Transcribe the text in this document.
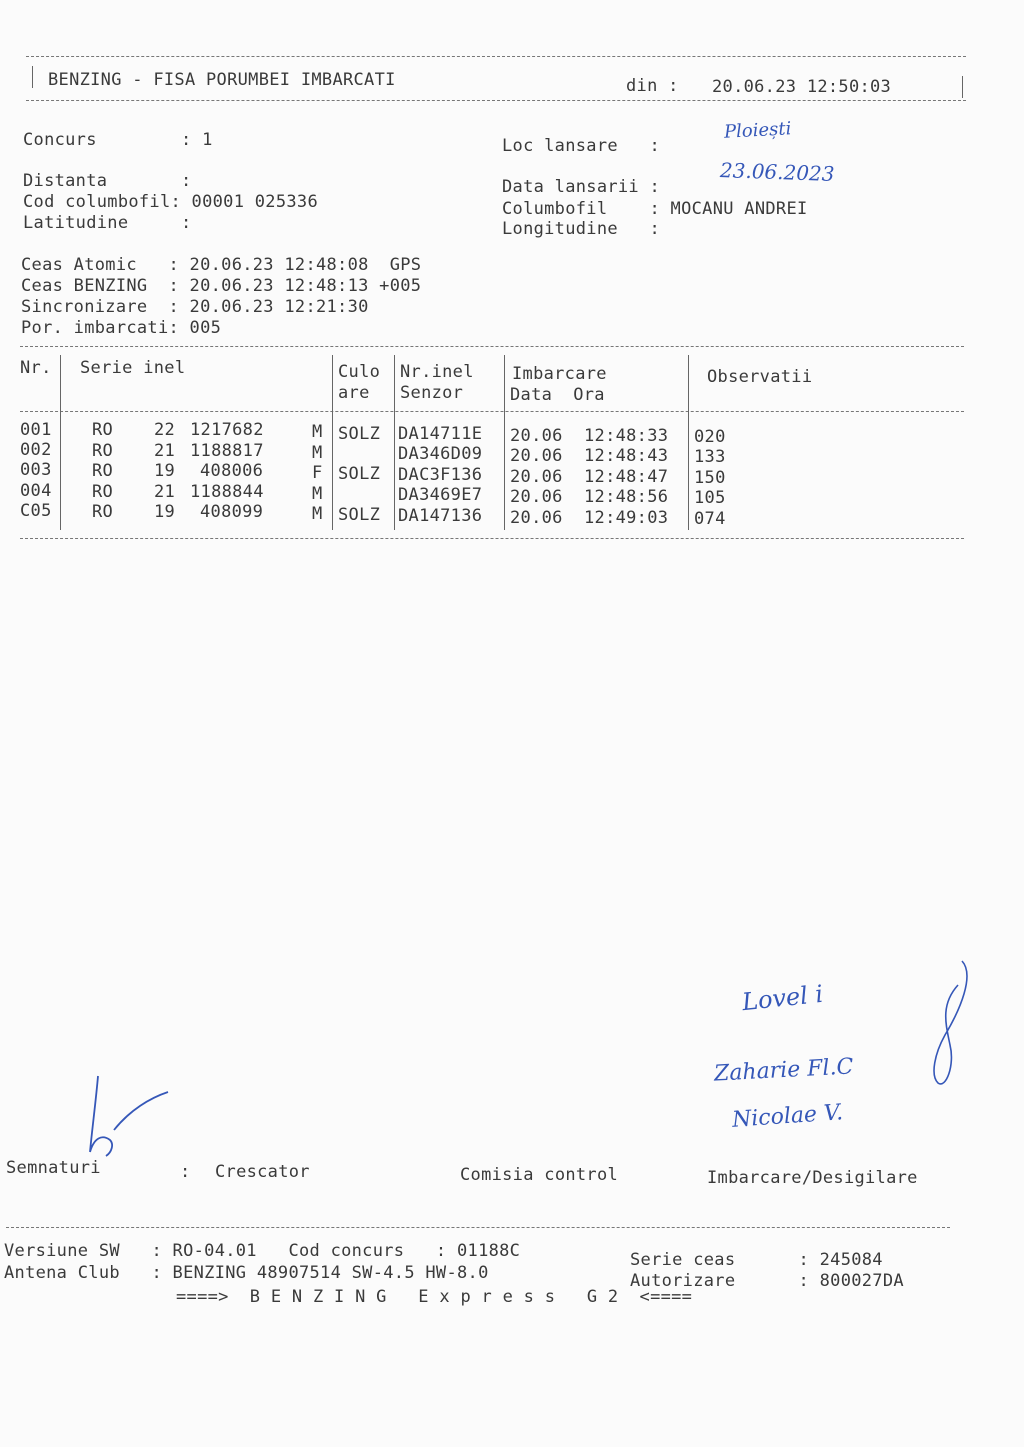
BENZING - FISA PORUMBEI IMBARCATI	din : 20.06.23 12:50:03
Concurs        : 1
Distanta       :
Cod columbofil: 00001 025336
Latitudine     :
Loc lansare   :
Data lansarii :
Columbofil    : MOCANU ANDREI
Longitudine   :
Ploiești
23.06.2023
Ceas Atomic   : 20.06.23 12:48:08  GPS
Ceas BENZING  : 20.06.23 12:48:13 +005
Sincronizare  : 20.06.23 12:21:30
Por. imbarcati: 005
Nr. Serie inel	Culo
are
Nr.inel
Senzor
Imbarcare
Data  Ora
Observatii
001 RO 22 1217682	M SOLZ DA14711E 20.06 12:48:33 020
002 RO 21 1188817	M	DA346D09 20.06 12:48:43 133
003 RO 19 408006	F SOLZ DAC3F136 20.06 12:48:47 150
004 RO 21 1188844	M	DA3469E7 20.06 12:48:56 105
C05 RO 19 408099	M SOLZ DA147136 20.06 12:49:03 074
Lovel i
Zaharie Fl.C
Nicolae V.
Semnaturi	: Crescator	Comisia control	Imbarcare/Desigilare
Versiune SW   : RO-04.01   Cod concurs   : 01188C	Serie ceas      : 245084
Antena Club   : BENZING 48907514 SW-4.5 HW-8.0	Autorizare      : 800027DA
====>  B E N Z I N G   E x p r e s s   G 2  <====
